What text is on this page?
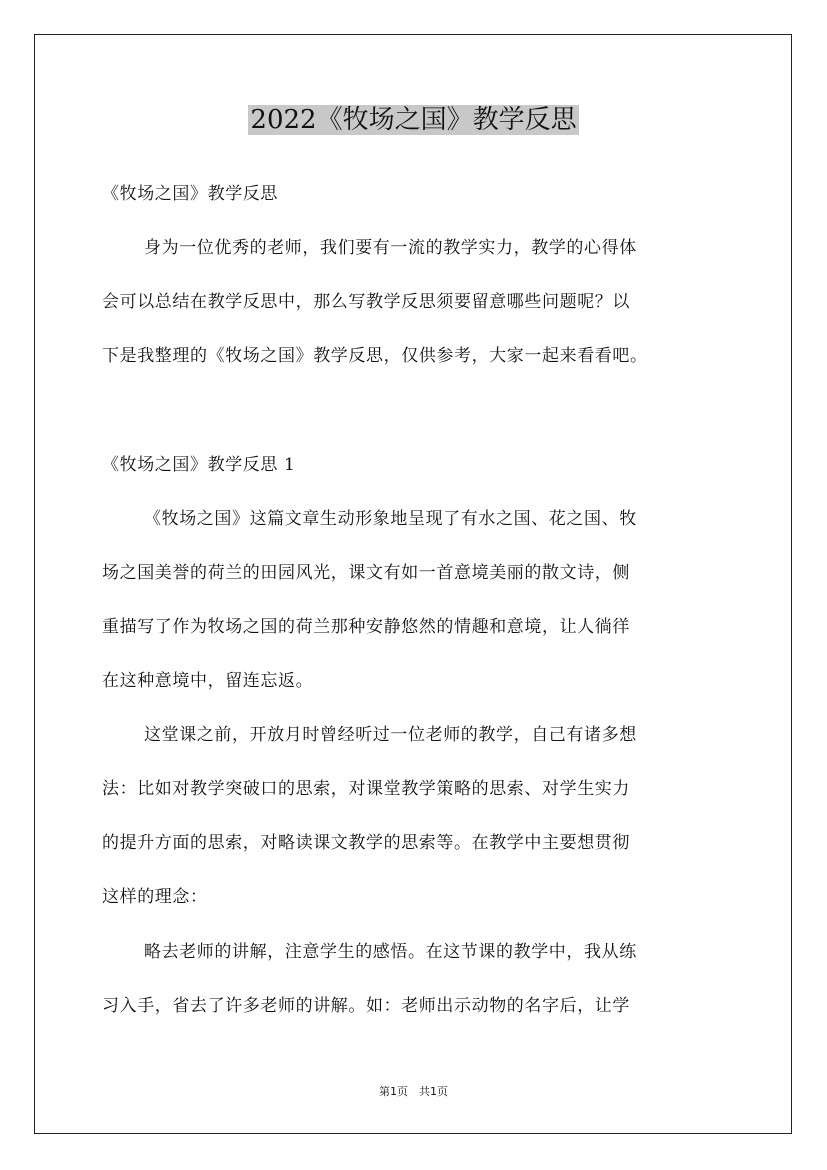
2022《牧场之国》教学反思
《牧场之国》教学反思
身为一位优秀的老师，我们要有一流的教学实力，教学的心得体
会可以总结在教学反思中，那么写教学反思须要留意哪些问题呢？以
下是我整理的《牧场之国》教学反思，仅供参考，大家一起来看看吧。
《牧场之国》教学反思 1
《牧场之国》这篇文章生动形象地呈现了有水之国、花之国、牧
场之国美誉的荷兰的田园风光，课文有如一首意境美丽的散文诗，侧
重描写了作为牧场之国的荷兰那种安静悠然的情趣和意境，让人徜徉
在这种意境中，留连忘返。
这堂课之前，开放月时曾经听过一位老师的教学，自己有诸多想
法：比如对教学突破口的思索，对课堂教学策略的思索、对学生实力
的提升方面的思索，对略读课文教学的思索等。在教学中主要想贯彻
这样的理念：
略去老师的讲解，注意学生的感悟。在这节课的教学中，我从练
习入手，省去了许多老师的讲解。如：老师出示动物的名字后，让学
第1页　共1页
